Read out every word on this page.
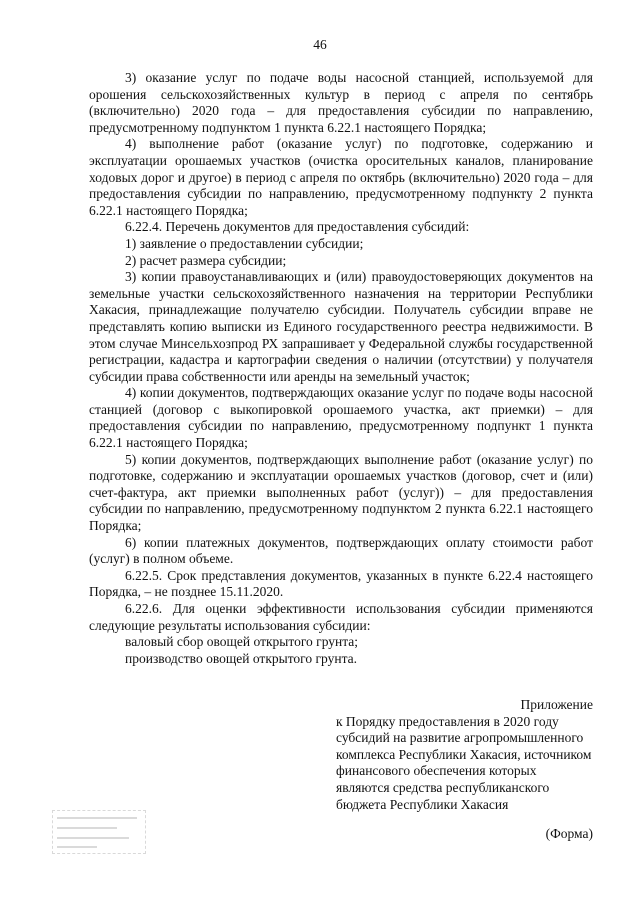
46

3) оказание услуг по подаче воды насосной станцией, используемой для орошения сельскохозяйственных культур в период с апреля по сентябрь (включительно) 2020 года – для предоставления субсидии по направлению, предусмотренному подпунктом 1 пункта 6.22.1 настоящего Порядка;

4) выполнение работ (оказание услуг) по подготовке, содержанию и эксплуатации орошаемых участков (очистка оросительных каналов, планирование ходовых дорог и другое) в период с апреля по октябрь (включительно) 2020 года – для предоставления субсидии по направлению, предусмотренному подпункту 2 пункта 6.22.1 настоящего Порядка;

6.22.4. Перечень документов для предоставления субсидий:

1) заявление о предоставлении субсидии;

2) расчет размера субсидии;

3) копии правоустанавливающих и (или) правоудостоверяющих документов на земельные участки сельскохозяйственного назначения на территории Республики Хакасия, принадлежащие получателю субсидии. Получатель субсидии вправе не представлять копию выписки из Единого государственного реестра недвижимости. В этом случае Минсельхозпрод РХ запрашивает у Федеральной службы государственной регистрации, кадастра и картографии сведения о наличии (отсутствии) у получателя субсидии права собственности или аренды на земельный участок;

4) копии документов, подтверждающих оказание услуг по подаче воды насосной станцией (договор с выкопировкой орошаемого участка, акт приемки) – для предоставления субсидии по направлению, предусмотренному подпункт 1 пункта 6.22.1 настоящего Порядка;

5) копии документов, подтверждающих выполнение работ (оказание услуг) по подготовке, содержанию и эксплуатации орошаемых участков (договор, счет и (или) счет-фактура, акт приемки выполненных работ (услуг)) – для предоставления субсидии по направлению, предусмотренному подпунктом 2 пункта 6.22.1 настоящего Порядка;

6) копии платежных документов, подтверждающих оплату стоимости работ (услуг) в полном объеме.

6.22.5. Срок представления документов, указанных в пункте 6.22.4 настоящего Порядка, – не позднее 15.11.2020.

6.22.6. Для оценки эффективности использования субсидии применяются следующие результаты использования субсидии:

валовый сбор овощей открытого грунта;

производство овощей открытого грунта.

Приложение
к Порядку предоставления в 2020 году субсидий на развитие агропромышленного комплекса Республики Хакасия, источником финансового обеспечения которых являются средства республиканского бюджета Республики Хакасия
(Форма)
